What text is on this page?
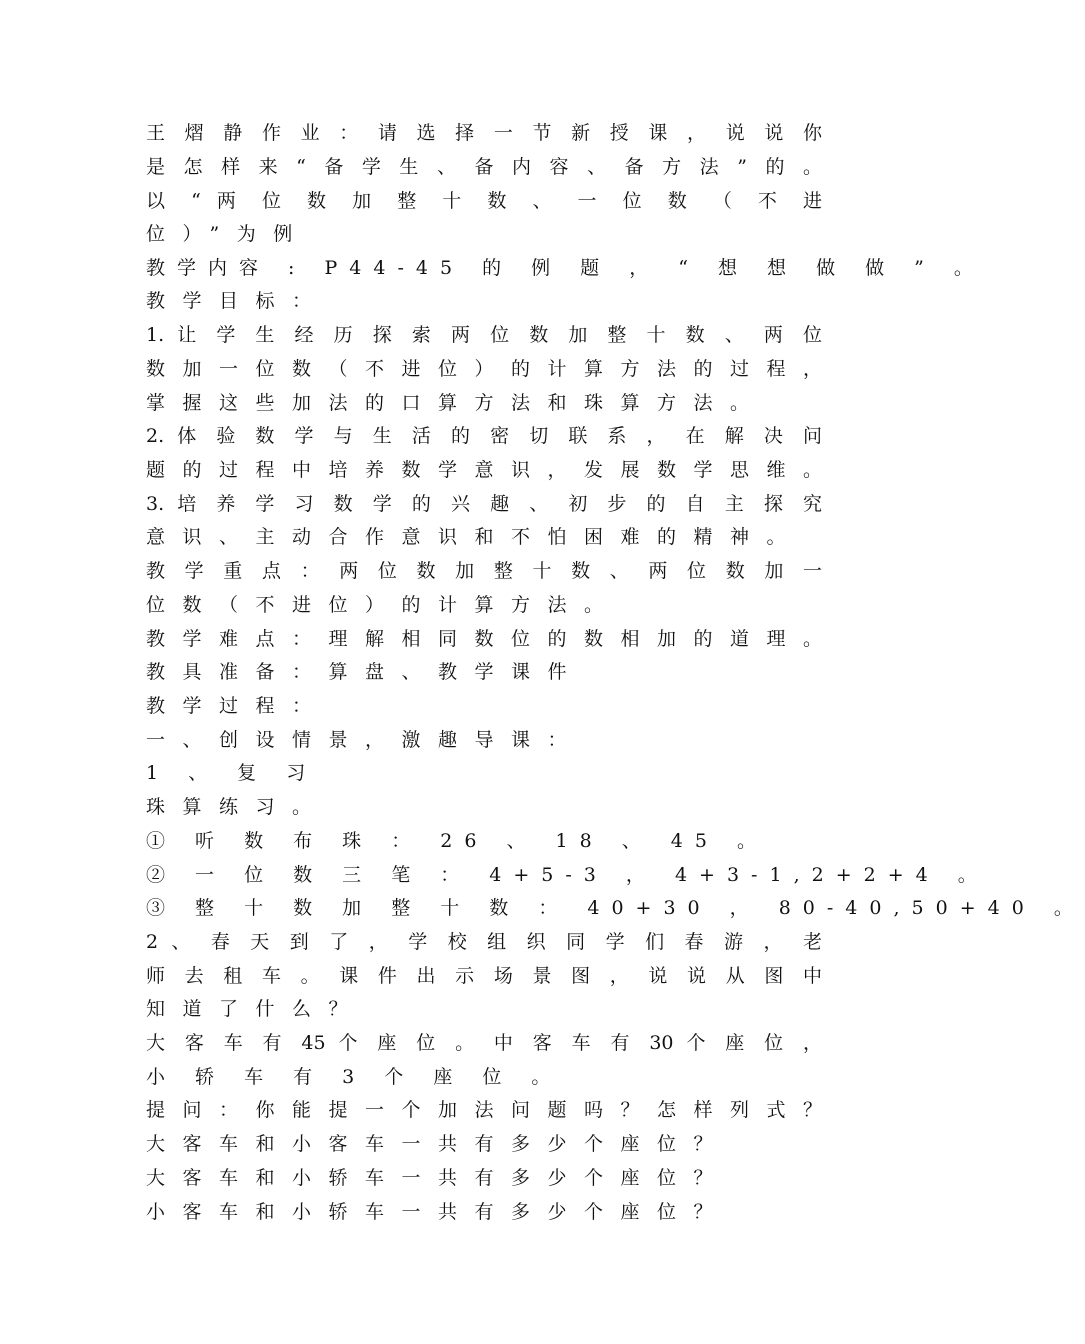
王熠静作业：请选择一节新授课，说说你
是怎样来“备学生、备内容、备方法”的。
以 “ 两 位 数 加 整 十 数 、 一 位 数 （ 不 进
位）”为例
教学内容 : P44-45 的 例 题 ， “ 想 想 做 做 ” 。
教学目标：
1. 让 学 生 经 历 探 索 两 位 数 加 整 十 数 、 两 位
数加一位数（不进位）的计算方法的过程，
掌握这些加法的口算方法和珠算方法。
2. 体 验 数 学 与 生 活 的 密 切 联 系 ， 在 解 决 问
题的过程中培养数学意识，发展数学思维。
3. 培 养 学 习 数 学 的 兴 趣 、 初 步 的 自 主 探 究
意识、主动合作意识和不怕困难的精神。
教学重点：两位数加整十数、两位数加一
位数（不进位）的计算方法。
教学难点：理解相同数位的数相加的道理。
教具准备：算盘、教学课件
教学过程：
一、创设情景，激趣导课：
1 、 复 习
珠算练习。
① 听 数 布 珠 ： 26 、 18 、 45 。
② 一 位 数 三 笔 ： 4+5-3 ， 4+3-1,2+2+4 。
③ 整 十 数 加 整 十 数 ： 40+30 ， 80-40,50+40 。
2 、 春 天 到 了 ， 学 校 组 织 同 学 们 春 游 ， 老
师去租车。课件出示场景图，说说从图中
知道了什么？
大 客 车 有 45 个 座 位 。 中 客 车 有 30 个 座 位 ，
小 轿 车 有 3 个 座 位 。
提问：你能提一个加法问题吗？怎样列式？
大客车和小客车一共有多少个座位？
大客车和小轿车一共有多少个座位？
小客车和小轿车一共有多少个座位？
